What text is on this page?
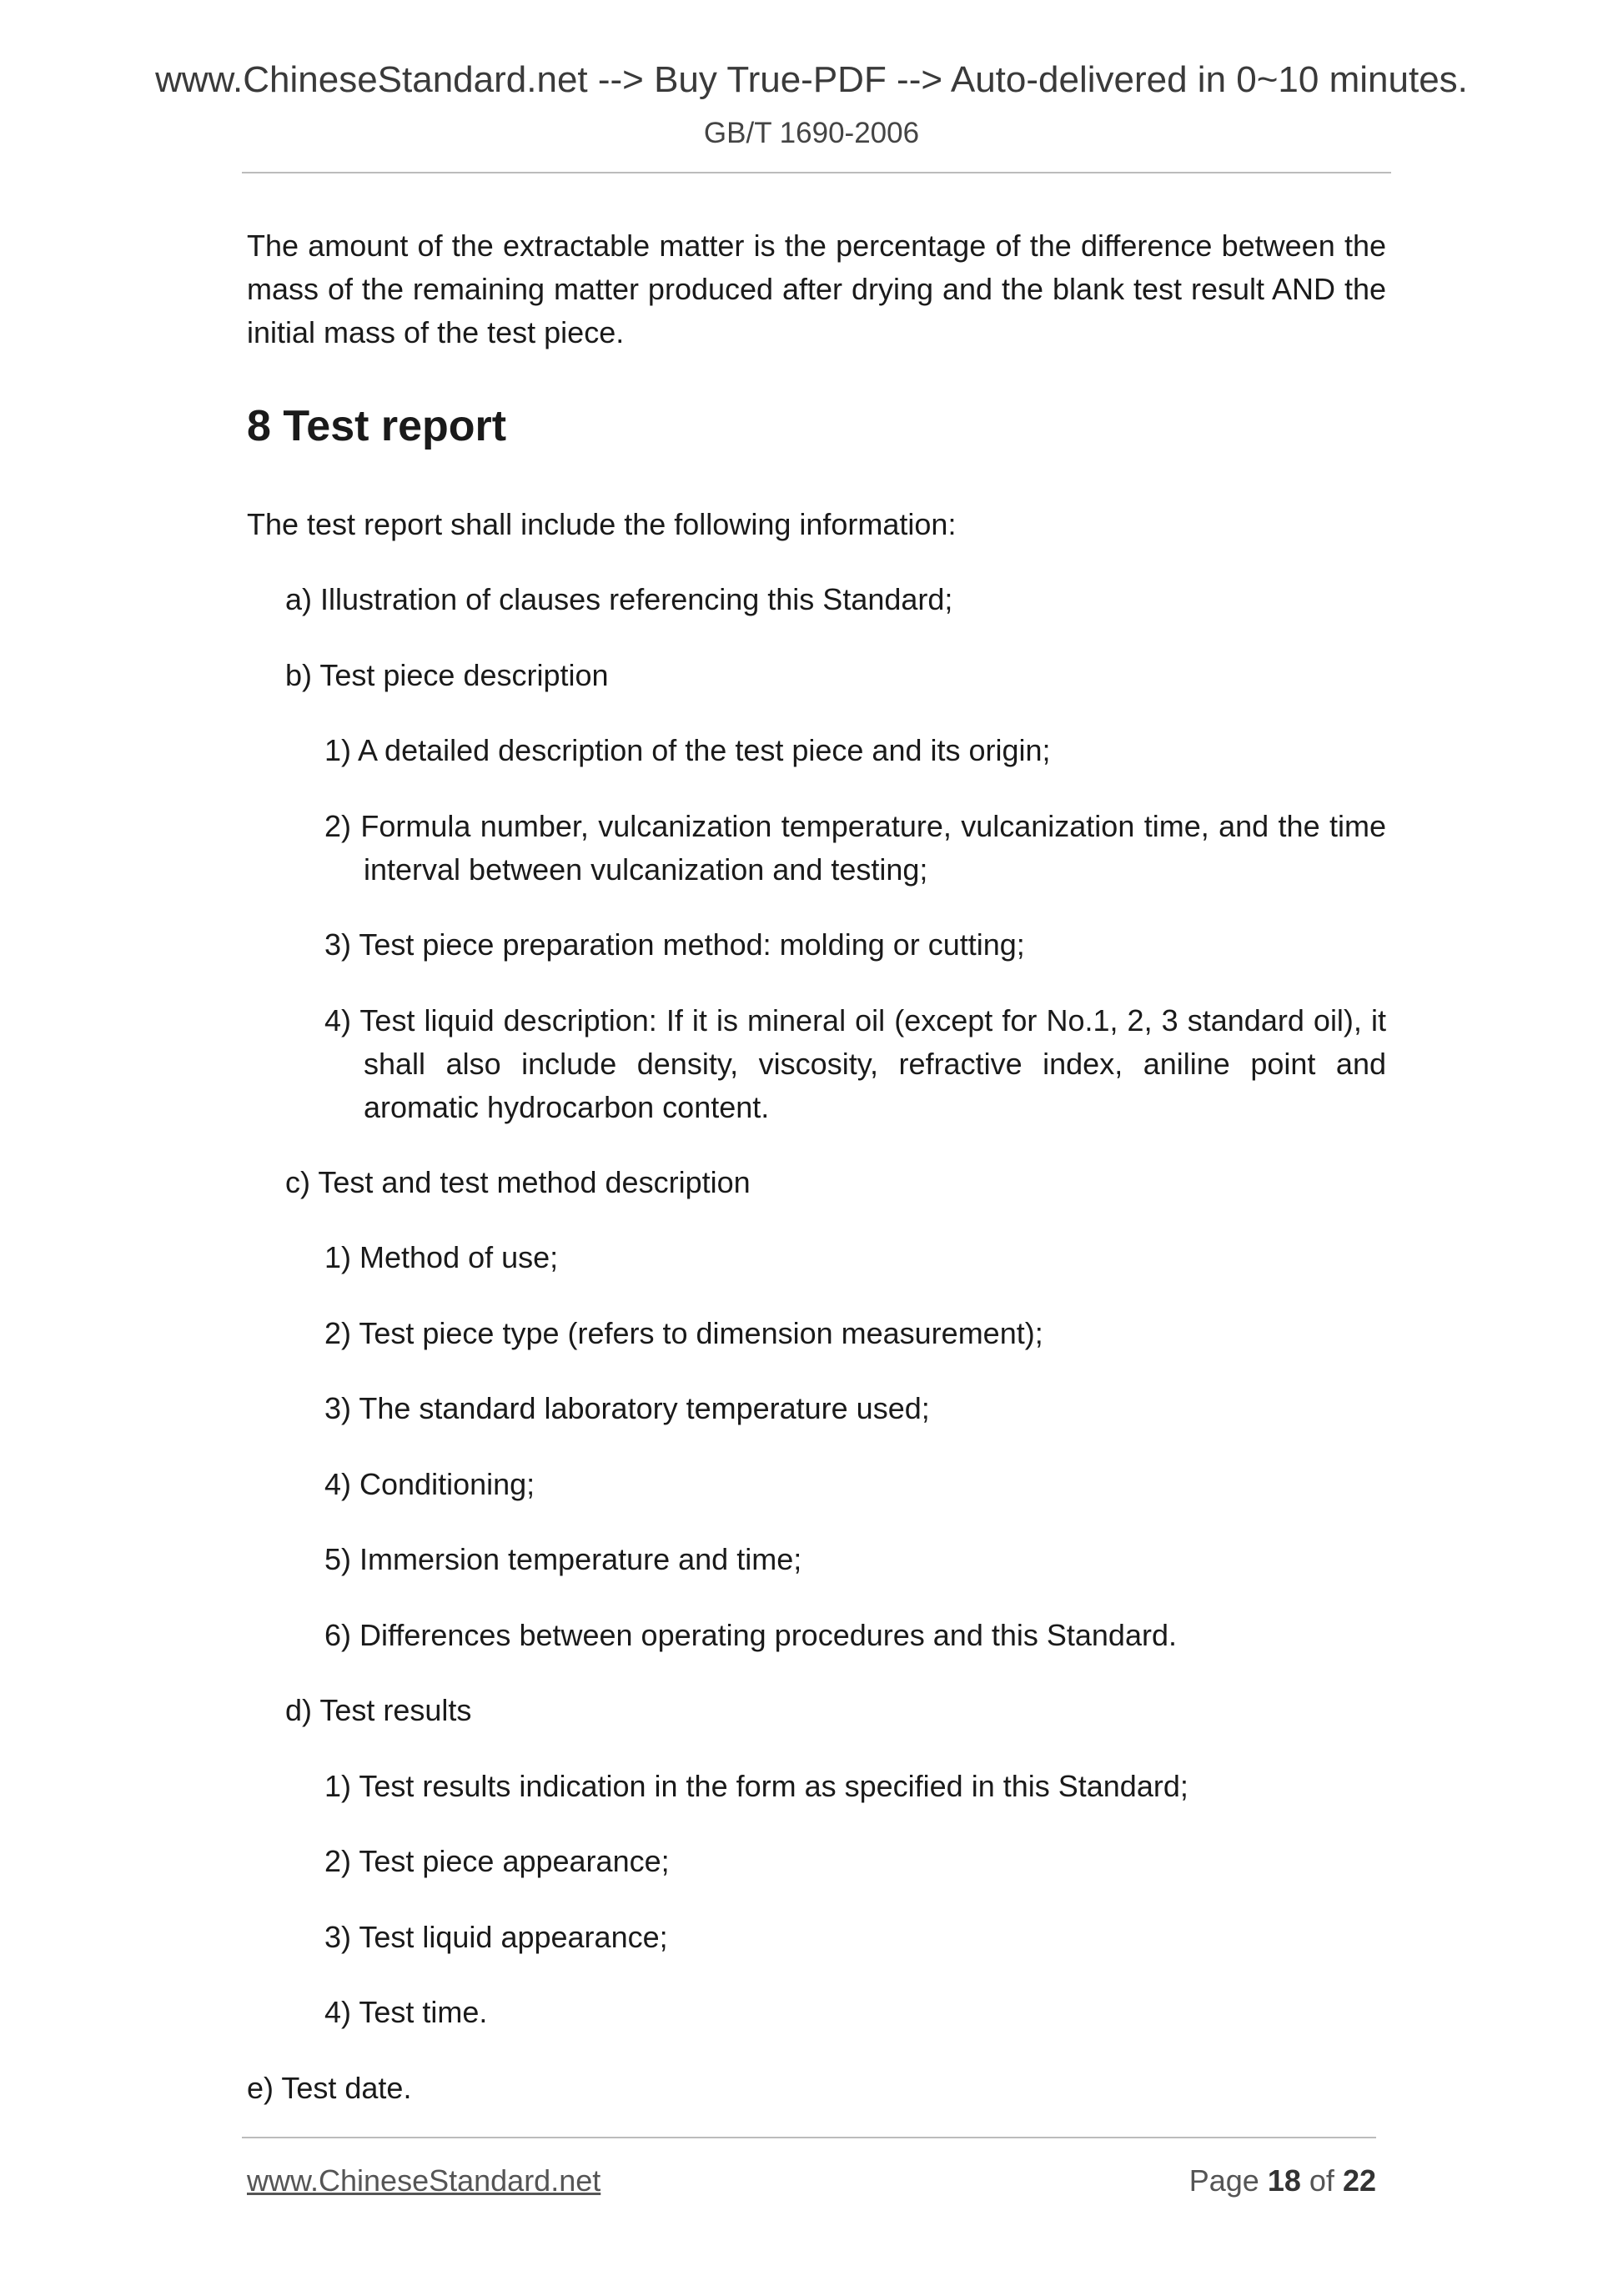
www.ChineseStandard.net --> Buy True-PDF --> Auto-delivered in 0~10 minutes.
GB/T 1690-2006
The amount of the extractable matter is the percentage of the difference between the mass of the remaining matter produced after drying and the blank test result AND the initial mass of the test piece.
8 Test report
The test report shall include the following information:
a) Illustration of clauses referencing this Standard;
b) Test piece description
1) A detailed description of the test piece and its origin;
2) Formula number, vulcanization temperature, vulcanization time, and the time interval between vulcanization and testing;
3) Test piece preparation method: molding or cutting;
4) Test liquid description: If it is mineral oil (except for No.1, 2, 3 standard oil), it shall also include density, viscosity, refractive index, aniline point and aromatic hydrocarbon content.
c) Test and test method description
1) Method of use;
2) Test piece type (refers to dimension measurement);
3) The standard laboratory temperature used;
4) Conditioning;
5) Immersion temperature and time;
6) Differences between operating procedures and this Standard.
d) Test results
1) Test results indication in the form as specified in this Standard;
2) Test piece appearance;
3) Test liquid appearance;
4) Test time.
e) Test date.
www.ChineseStandard.net	Page 18 of 22
